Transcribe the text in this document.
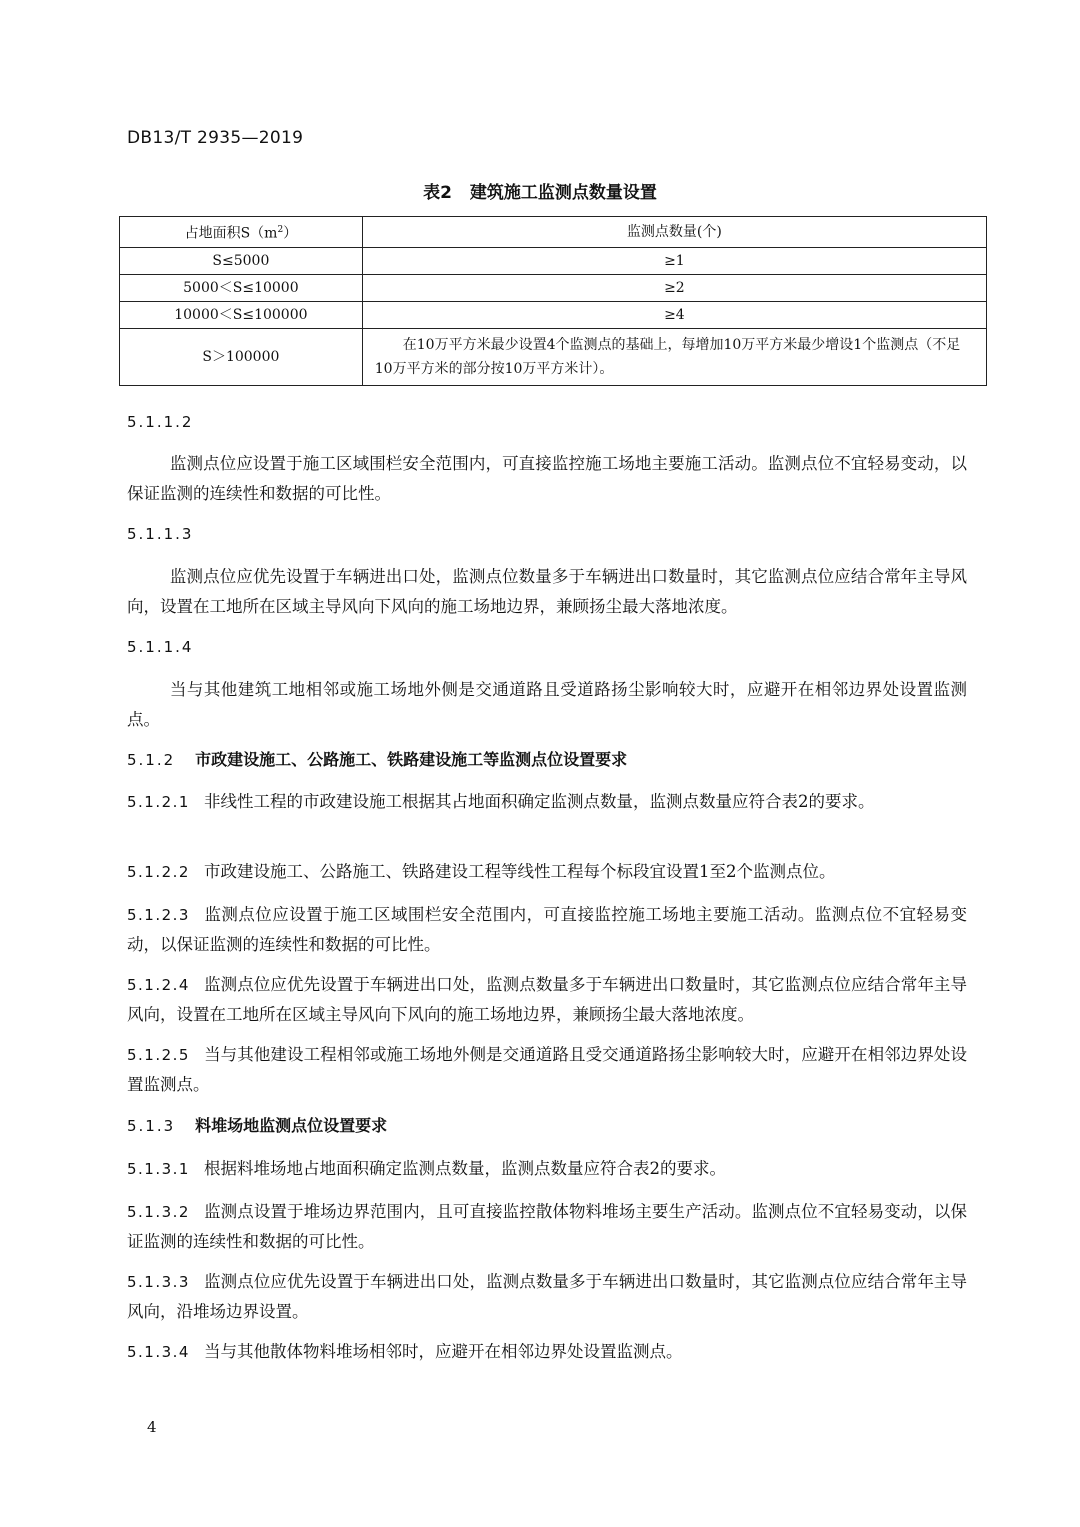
DB13/T 2935—2019
表2 建筑施工监测点数量设置
占地面积$S(m^2)$	监测点数量(个)
S≤5000	≥1
5000＜S≤10000	≥2
10000＜S≤100000	≥4
S＞100000	在10万平方米最少设置4个监测点的基础上，每增加10万平方米最少增设1个监测点（不足10万平方米的部分按10万平方米计）。
5.1.1.2
监测点位应设置于施工区域围栏安全范围内，可直接监控施工场地主要施工活动。监测点位不宜轻易变动，以保证监测的连续性和数据的可比性。
5.1.1.3
监测点位应优先设置于车辆进出口处，监测点位数量多于车辆进出口数量时，其它监测点位应结合常年主导风向，设置在工地所在区域主导风向下风向的施工场地边界，兼顾扬尘最大落地浓度。
5.1.1.4
当与其他建筑工地相邻或施工场地外侧是交通道路且受道路扬尘影响较大时，应避开在相邻边界处设置监测点。
5.1.2 市政建设施工、公路施工、铁路建设施工等监测点位设置要求
5.1.2.1 非线性工程的市政建设施工根据其占地面积确定监测点数量，监测点数量应符合表2的要求。
5.1.2.2 市政建设施工、公路施工、铁路建设工程等线性工程每个标段宜设置1至2个监测点位。
5.1.2.3 监测点位应设置于施工区域围栏安全范围内，可直接监控施工场地主要施工活动。监测点位不宜轻易变动，以保证监测的连续性和数据的可比性。
5.1.2.4 监测点位应优先设置于车辆进出口处，监测点数量多于车辆进出口数量时，其它监测点位应结合常年主导风向，设置在工地所在区域主导风向下风向的施工场地边界，兼顾扬尘最大落地浓度。
5.1.2.5 当与其他建设工程相邻或施工场地外侧是交通道路且受交通道路扬尘影响较大时，应避开在相邻边界处设置监测点。
5.1.3 料堆场地监测点位设置要求
5.1.3.1 根据料堆场地占地面积确定监测点数量，监测点数量应符合表2的要求。
5.1.3.2 监测点设置于堆场边界范围内，且可直接监控散体物料堆场主要生产活动。监测点位不宜轻易变动，以保证监测的连续性和数据的可比性。
5.1.3.3 监测点位应优先设置于车辆进出口处，监测点数量多于车辆进出口数量时，其它监测点位应结合常年主导风向，沿堆场边界设置。
5.1.3.4 当与其他散体物料堆场相邻时，应避开在相邻边界处设置监测点。
4
